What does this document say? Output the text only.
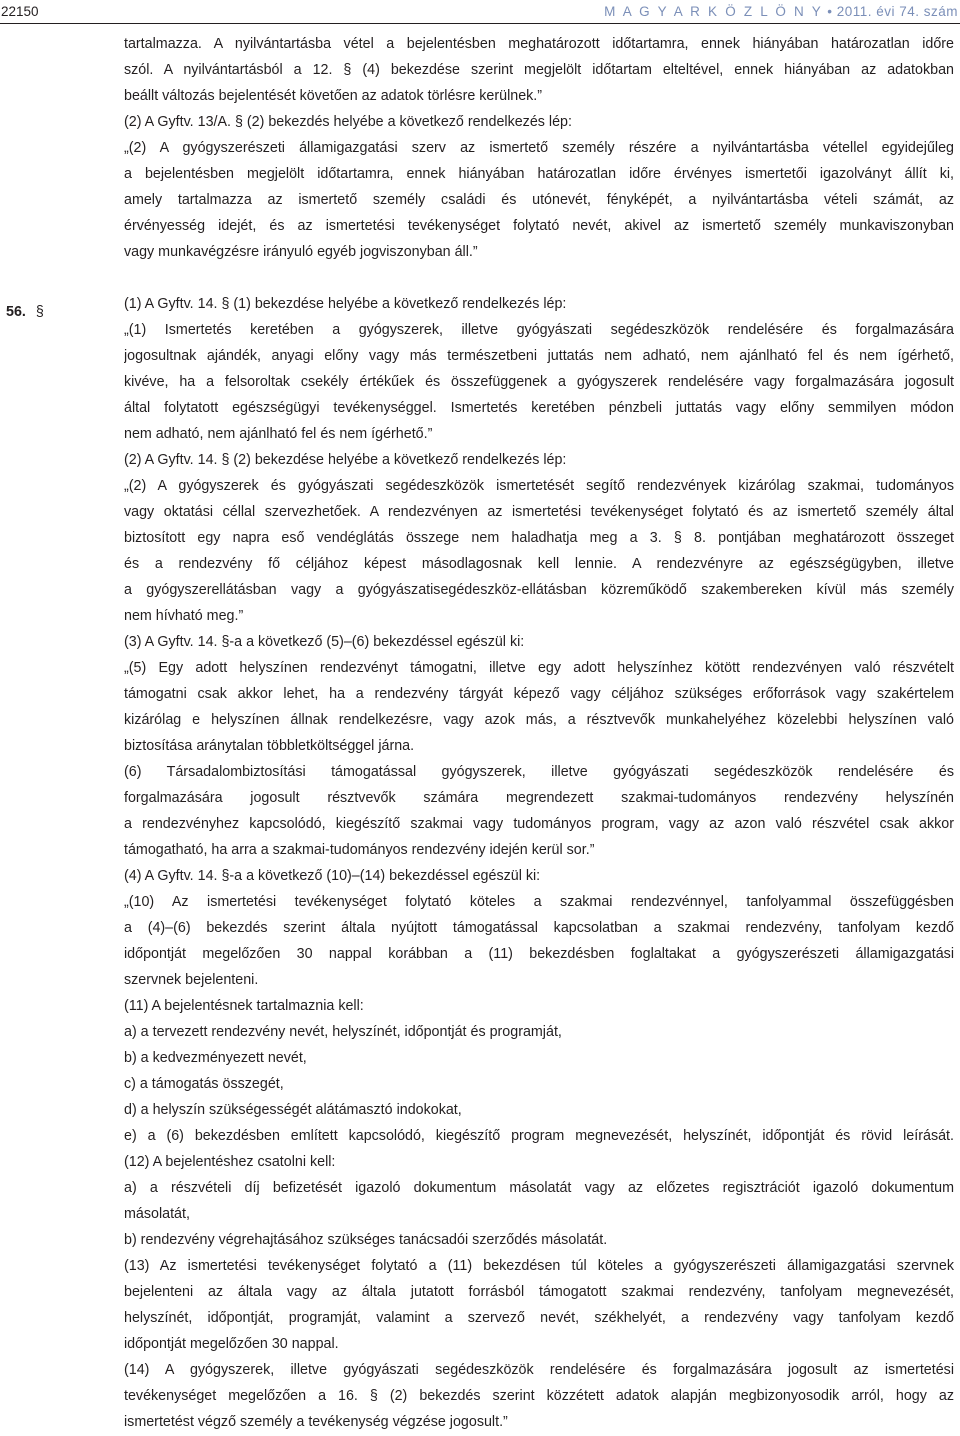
22150	M A G Y A R K Ö Z L Ö N Y • 2011. évi 74. szám
tartalmazza. A nyilvántartásba vétel a bejelentésben meghatározott időtartamra, ennek hiányában határozatlan időre
szól. A nyilvántartásból a 12. § (4) bekezdése szerint megjelölt időtartam elteltével, ennek hiányában az adatokban
beállt változás bejelentését követően az adatok törlésre kerülnek.”
(2) A Gyftv. 13/A. § (2) bekezdés helyébe a következő rendelkezés lép:
„(2) A gyógyszerészeti államigazgatási szerv az ismertető személy részére a nyilvántartásba vétellel egyidejűleg
a bejelentésben megjelölt időtartamra, ennek hiányában határozatlan időre érvényes ismertetői igazolványt állít ki,
amely tartalmazza az ismertető személy családi és utónevét, fényképét, a nyilvántartásba vételi számát, az
érvényesség idejét, és az ismertetési tevékenységet folytató nevét, akivel az ismertető személy munkaviszonyban
vagy munkavégzésre irányuló egyéb jogviszonyban áll.”
(1) A Gyftv. 14. § (1) bekezdése helyébe a következő rendelkezés lép:
„(1) Ismertetés keretében a gyógyszerek, illetve gyógyászati segédeszközök rendelésére és forgalmazására
jogosultnak ajándék, anyagi előny vagy más természetbeni juttatás nem adható, nem ajánlható fel és nem ígérhető,
kivéve, ha a felsoroltak csekély értékűek és összefüggenek a gyógyszerek rendelésére vagy forgalmazására jogosult
által folytatott egészségügyi tevékenységgel. Ismertetés keretében pénzbeli juttatás vagy előny semmilyen módon
nem adható, nem ajánlható fel és nem ígérhető.”
(2) A Gyftv. 14. § (2) bekezdése helyébe a következő rendelkezés lép:
„(2) A gyógyszerek és gyógyászati segédeszközök ismertetését segítő rendezvények kizárólag szakmai, tudományos
vagy oktatási céllal szervezhetőek. A rendezvényen az ismertetési tevékenységet folytató és az ismertető személy által
biztosított egy napra eső vendéglátás összege nem haladhatja meg a 3. § 8. pontjában meghatározott összeget
és a rendezvény fő céljához képest másodlagosnak kell lennie. A rendezvényre az egészségügyben, illetve
a gyógyszerellátásban vagy a gyógyászatisegédeszköz-ellátásban közreműködő szakembereken kívül más személy
nem hívható meg.”
(3) A Gyftv. 14. §-a a következő (5)–(6) bekezdéssel egészül ki:
„(5) Egy adott helyszínen rendezvényt támogatni, illetve egy adott helyszínhez kötött rendezvényen való részvételt
támogatni csak akkor lehet, ha a rendezvény tárgyát képező vagy céljához szükséges erőforrások vagy szakértelem
kizárólag e helyszínen állnak rendelkezésre, vagy azok más, a résztvevők munkahelyéhez közelebbi helyszínen való
biztosítása aránytalan többletköltséggel járna.
(6) Társadalombiztosítási támogatással gyógyszerek, illetve gyógyászati segédeszközök rendelésére és
forgalmazására jogosult résztvevők számára megrendezett szakmai-tudományos rendezvény helyszínén
a rendezvényhez kapcsolódó, kiegészítő szakmai vagy tudományos program, vagy az azon való részvétel csak akkor
támogatható, ha arra a szakmai-tudományos rendezvény idején kerül sor.”
(4) A Gyftv. 14. §-a a következő (10)–(14) bekezdéssel egészül ki:
„(10) Az ismertetési tevékenységet folytató köteles a szakmai rendezvénnyel, tanfolyammal összefüggésben
a (4)–(6) bekezdés szerint általa nyújtott támogatással kapcsolatban a szakmai rendezvény, tanfolyam kezdő
időpontját megelőzően 30 nappal korábban a (11) bekezdésben foglaltakat a gyógyszerészeti államigazgatási
szervnek bejelenteni.
(11) A bejelentésnek tartalmaznia kell:
a) a tervezett rendezvény nevét, helyszínét, időpontját és programját,
b) a kedvezményezett nevét,
c) a támogatás összegét,
d) a helyszín szükségességét alátámasztó indokokat,
e) a (6) bekezdésben említett kapcsolódó, kiegészítő program megnevezését, helyszínét, időpontját és rövid leírását.
(12) A bejelentéshez csatolni kell:
a) a részvételi díj befizetését igazoló dokumentum másolatát vagy az előzetes regisztrációt igazoló dokumentum
másolatát,
b) rendezvény végrehajtásához szükséges tanácsadói szerződés másolatát.
(13) Az ismertetési tevékenységet folytató a (11) bekezdésen túl köteles a gyógyszerészeti államigazgatási szervnek
bejelenteni az általa vagy az általa jutatott forrásból támogatott szakmai rendezvény, tanfolyam megnevezését,
helyszínét, időpontját, programját, valamint a szervező nevét, székhelyét, a rendezvény vagy tanfolyam kezdő
időpontját megelőzően 30 nappal.
(14) A gyógyszerek, illetve gyógyászati segédeszközök rendelésére és forgalmazására jogosult az ismertetési
tevékenységet megelőzően a 16. § (2) bekezdés szerint közzétett adatok alapján megbizonyosodik arról, hogy az
ismertetést végző személy a tevékenység végzése jogosult.”
56. §
